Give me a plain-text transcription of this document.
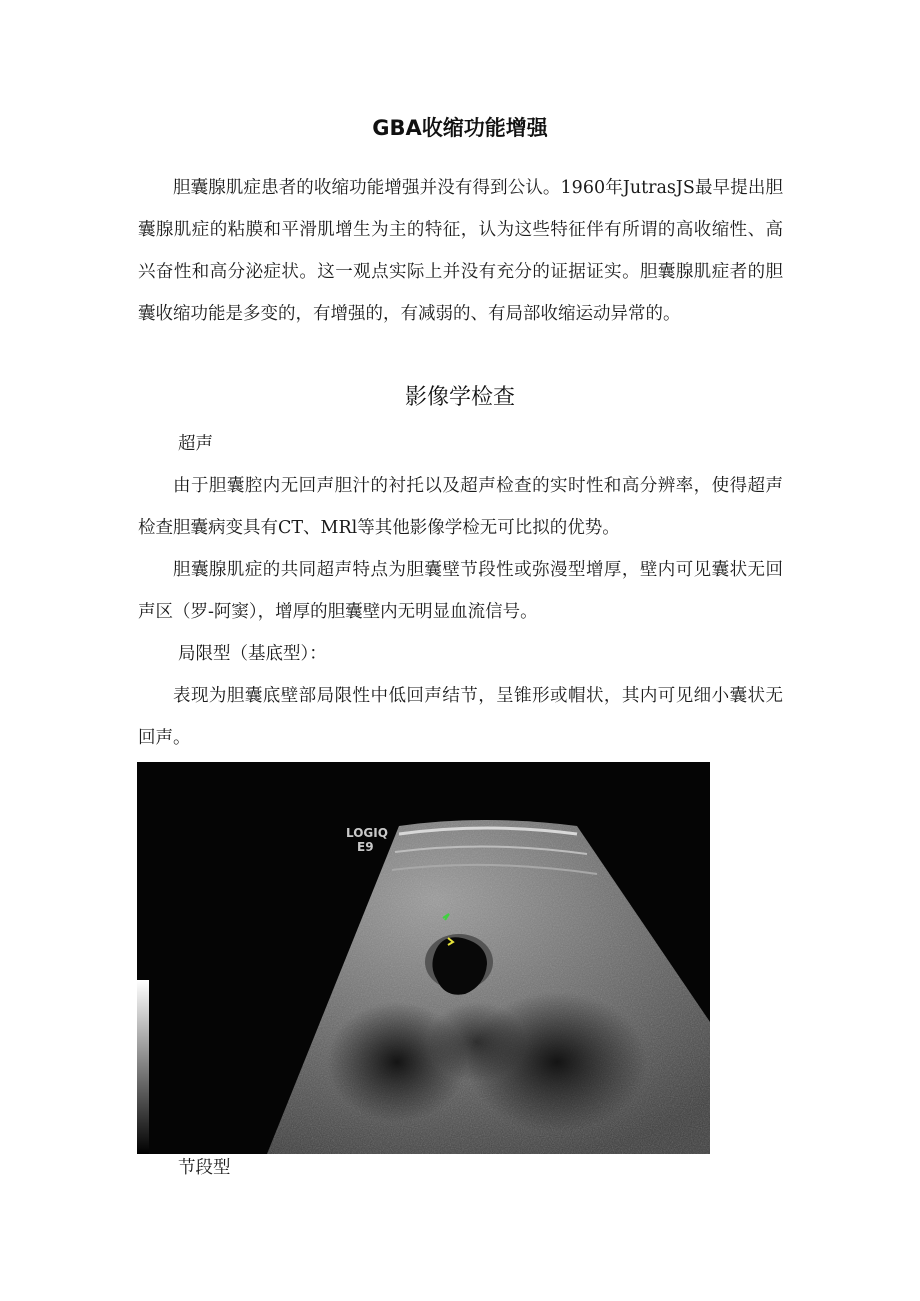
GBA收缩功能增强

胆囊腺肌症患者的收缩功能增强并没有得到公认。1960年JutrasJS最早提出胆囊腺肌症的粘膜和平滑肌增生为主的特征，认为这些特征伴有所谓的高收缩性、高兴奋性和高分泌症状。这一观点实际上并没有充分的证据证实。胆囊腺肌症者的胆囊收缩功能是多变的，有增强的，有减弱的、有局部收缩运动异常的。

影像学检查

超声

由于胆囊腔内无回声胆汁的衬托以及超声检查的实时性和高分辨率，使得超声检查胆囊病变具有CT、MRl等其他影像学检无可比拟的优势。

胆囊腺肌症的共同超声特点为胆囊壁节段性或弥漫型增厚，壁内可见囊状无回声区（罗-阿窦），增厚的胆囊壁内无明显血流信号。

局限型（基底型）：

表现为胆囊底壁部局限性中低回声结节，呈锥形或帽状，其内可见细小囊状无回声。

LOGIQ
E9

节段型
